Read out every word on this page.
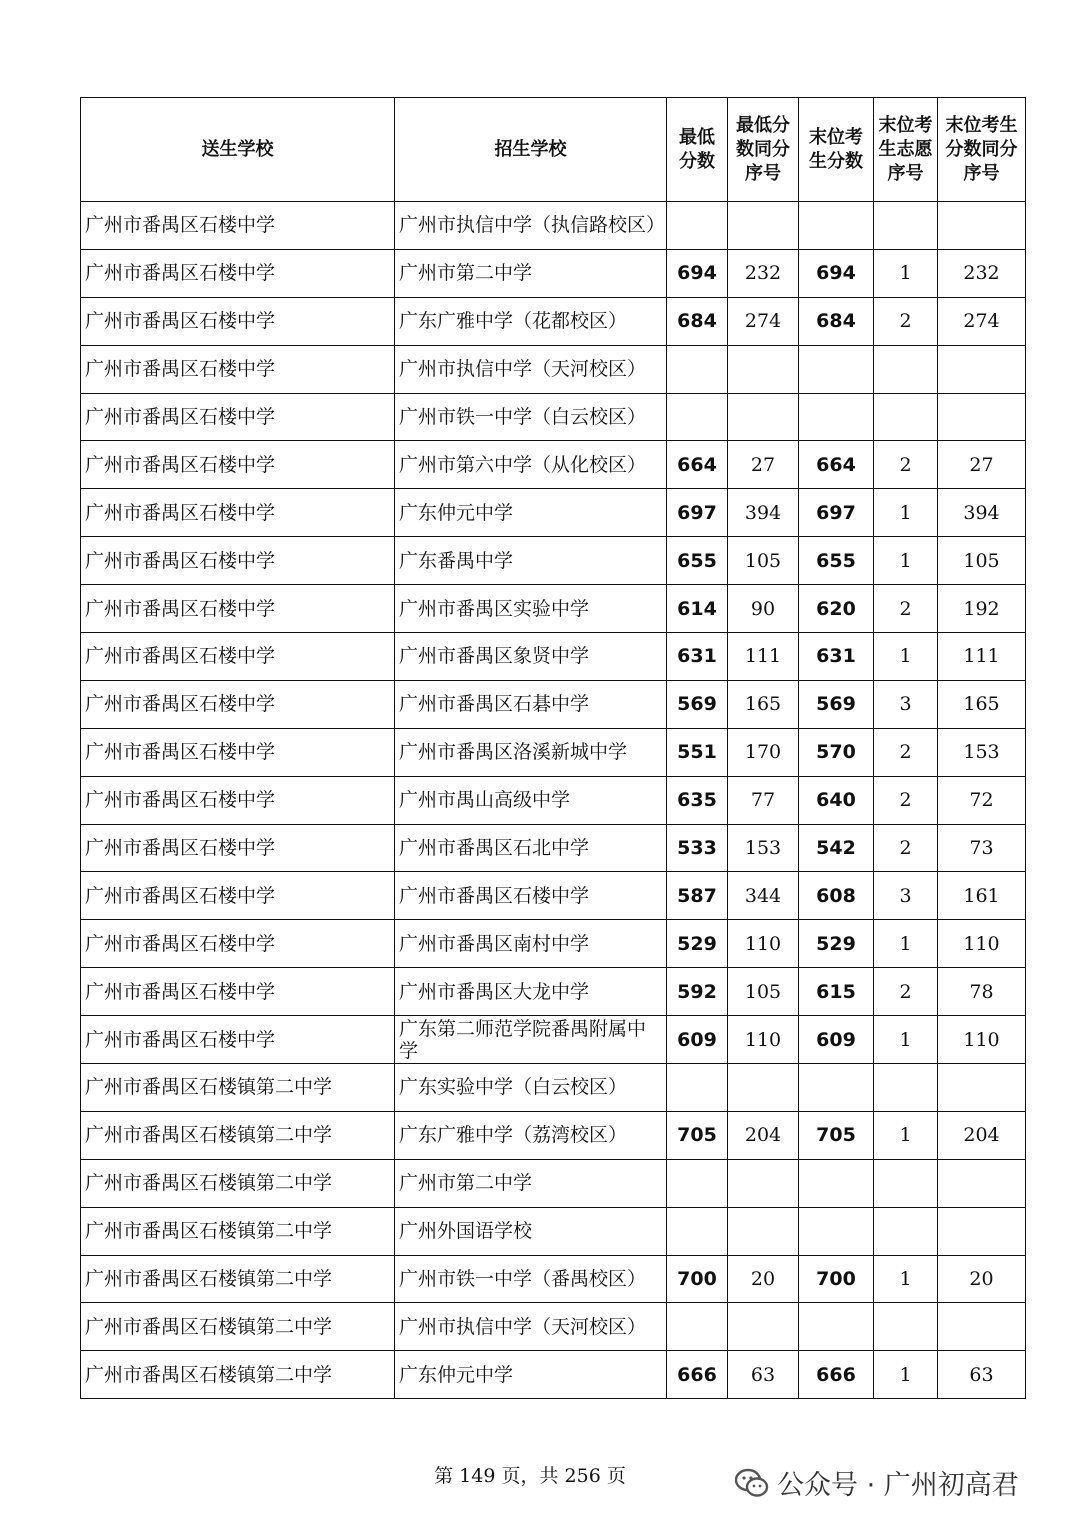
送生学校	招生学校	最低分数	最低分数同分序号	末位考生分数	末位考生志愿序号	末位考生分数同分序号
广州市番禺区石楼中学	广州市执信中学（执信路校区）					
广州市番禺区石楼中学	广州市第二中学	694	232	694	1	232
广州市番禺区石楼中学	广东广雅中学（花都校区）	684	274	684	2	274
广州市番禺区石楼中学	广州市执信中学（天河校区）					
广州市番禺区石楼中学	广州市铁一中学（白云校区）					
广州市番禺区石楼中学	广州市第六中学（从化校区）	664	27	664	2	27
广州市番禺区石楼中学	广东仲元中学	697	394	697	1	394
广州市番禺区石楼中学	广东番禺中学	655	105	655	1	105
广州市番禺区石楼中学	广州市番禺区实验中学	614	90	620	2	192
广州市番禺区石楼中学	广州市番禺区象贤中学	631	111	631	1	111
广州市番禺区石楼中学	广州市番禺区石碁中学	569	165	569	3	165
广州市番禺区石楼中学	广州市番禺区洛溪新城中学	551	170	570	2	153
广州市番禺区石楼中学	广州市禺山高级中学	635	77	640	2	72
广州市番禺区石楼中学	广州市番禺区石北中学	533	153	542	2	73
广州市番禺区石楼中学	广州市番禺区石楼中学	587	344	608	3	161
广州市番禺区石楼中学	广州市番禺区南村中学	529	110	529	1	110
广州市番禺区石楼中学	广州市番禺区大龙中学	592	105	615	2	78
广州市番禺区石楼中学	广东第二师范学院番禺附属中学	609	110	609	1	110
广州市番禺区石楼镇第二中学	广东实验中学（白云校区）					
广州市番禺区石楼镇第二中学	广东广雅中学（荔湾校区）	705	204	705	1	204
广州市番禺区石楼镇第二中学	广州市第二中学					
广州市番禺区石楼镇第二中学	广州外国语学校					
广州市番禺区石楼镇第二中学	广州市铁一中学（番禺校区）	700	20	700	1	20
广州市番禺区石楼镇第二中学	广州市执信中学（天河校区）					
广州市番禺区石楼镇第二中学	广东仲元中学	666	63	666	1	63
第 149 页，共 256 页	公众号 · 广州初高君
